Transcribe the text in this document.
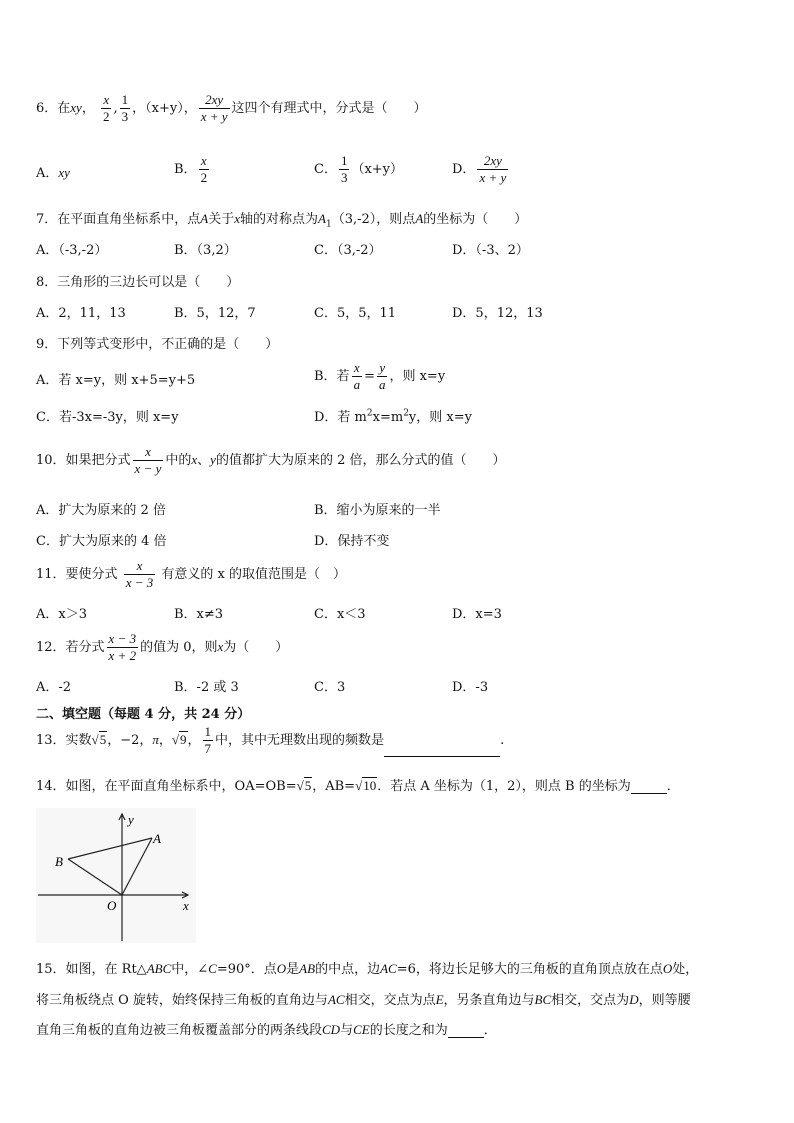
6．在xy， $\frac{x}{2}$ , $\frac{1}{3}$ ，（x+y）， $\frac{2xy}{x + y}$ 这四个有理式中，分式是（　　）
A．xy	B． $\frac{x}{2}$	C． $\frac{1}{3} (x+y)$	D． $\frac{2xy}{x + y}$
7．在平面直角坐标系中，点A关于x轴的对称点为$A_1(3,-2)$，则点A的坐标为（　　）
A．（-3,-2）	B．（3,2）	C．（3,-2）	D．（-3、2）
8．三角形的三边长可以是（　　）
A．2，11，13	B．5，12，7	C．5，5，11	D．5，12，13
9．下列等式变形中，不正确的是（　　）
A．若 x=y，则 x+5=y+5	B．若 $\frac{x}{a} = \frac{y}{a}$ ，则 x=y
C．若-3x=-3y，则 x=y	D．若 $m^2x=m^2y$，则 x=y
10．如果把分式 $\frac{x}{x - y}$ 中的x、y的值都扩大为原来的 2 倍，那么分式的值（　　）
A．扩大为原来的 2 倍	B．缩小为原来的一半
C．扩大为原来的 4 倍	D．保持不变
11．要使分式 $\frac{x}{x - 3}$ 有意义的 x 的取值范围是（　）
A．x＞3	B．x≠3	C．x＜3	D．x=3
12．若分式 $\frac{x - 3}{x + 2}$ 的值为 0，则x为（　　）
A．-2	B．-2 或 3	C．3	D．-3
二、填空题（每题 4 分，共 24 分）
13．实数√5，−2，π，√9， $\frac{1}{7}$ 中，其中无理数出现的频数是	.
14．如图，在平面直角坐标系中，OA=OB=√5，AB=√10．若点 A 坐标为（1，2），则点 B 的坐标为	．
A
B
O	x
y
15．如图，在 Rt△ABC中，∠C=90°．点O是AB的中点，边AC=6，将边长足够大的三角板的直角顶点放在点O处，
将三角板绕点 O 旋转，始终保持三角板的直角边与AC相交，交点为点E，另条直角边与BC相交，交点为D，则等腰
直角三角板的直角边被三角板覆盖部分的两条线段CD与CE的长度之和为	．
